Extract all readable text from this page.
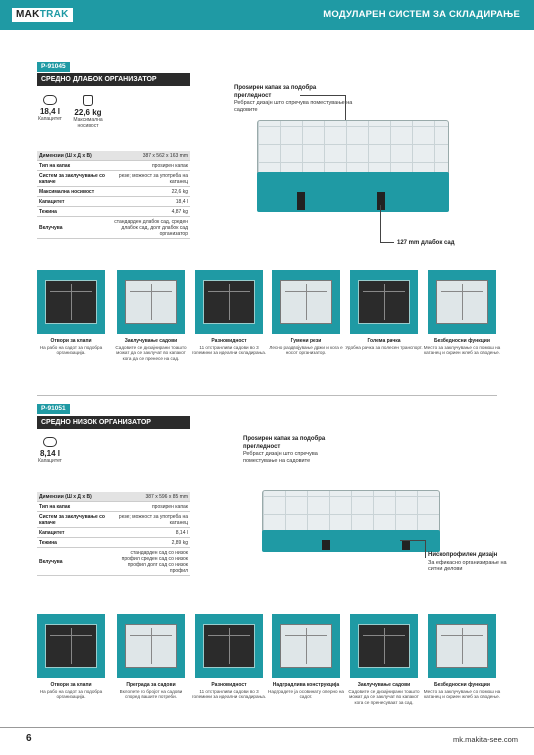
MAKTRAK	МОДУЛАРЕН СИСТЕМ ЗА СКЛАДИРАЊЕ
P-91045
СРЕДНО ДЛАБОК ОРГАНИЗАТОР
18,4 l
Капацитет
22,6 kg
Максимална носивост
Димензии (Ш x Д x В)	387 x 562 x 163 mm
Тип на капак	проѕирен капак
Систем за заклучување со капаче	резе; можност за употреба на катанец
Максимална носивост	22,6 kg
Капацитет	18,4 l
Тежина	4,87 kg
Вклучува	стандарден длабок сад, среден длабок сад, долг длабок сад организатор
Проѕирен капак за подобра прегледност
Ребраст дизајн што спречува поместување на садовите
127 mm длабок сад
Отвори за клапи
На рабо на садот за подобра организација.
Заклучување садови
Садовите се дизајнирани тоашто можат да се заклучат во капакот кога да се пренесе на сад.
Разновидност
11 отстранливи садови во 3 големини за идеални складирања.
Гумени рези
Лесно раздвојување држи и кога е носот организатор.
Голема рачка
Удобна рачка за полесен транспорт.
Безбедносни функции
Место за заклучување со помош на катанец и скриен жлеб за сводење.
P-91051
СРЕДНО НИЗОК ОРГАНИЗАТОР
8,14 l
Капацитет
Димензии (Ш x Д x В)	387 x 596 x 85 mm
Тип на капак	проѕирен капак
Систем за заклучување со капаче	резе; можност за употреба на катанец
Капацитет	8,14 l
Тежина	2,89 kg
Вклучува	стандарден сад со низок профил среден сад со низок профил долг сад со низок профил
Проѕирен капак за подобра прегледност
Ребраст дизајн што спречува поместување на садовите
Нископрофилен дизајн
За ефикасно организирање на ситни делови
Отвори за клапи
На рабо на садот за подобра организација.
Преграда за садови
Вклопете го бројот на садови според вашите потреби.
Разновидност
11 отстранливи садови во 3 големини за идеални складирања.
Надградлива конструкција
Надградете ја осовинату оперно на садот.
Заклучување садови
Садовите се дизајнирани тоашто можат да се заклучат во капакот кога се пренесуваат за сад.
Безбедносни функции
Место за заклучување со помош на катанец и скриен жлеб за сводење.
6	mk.makita-see.com
